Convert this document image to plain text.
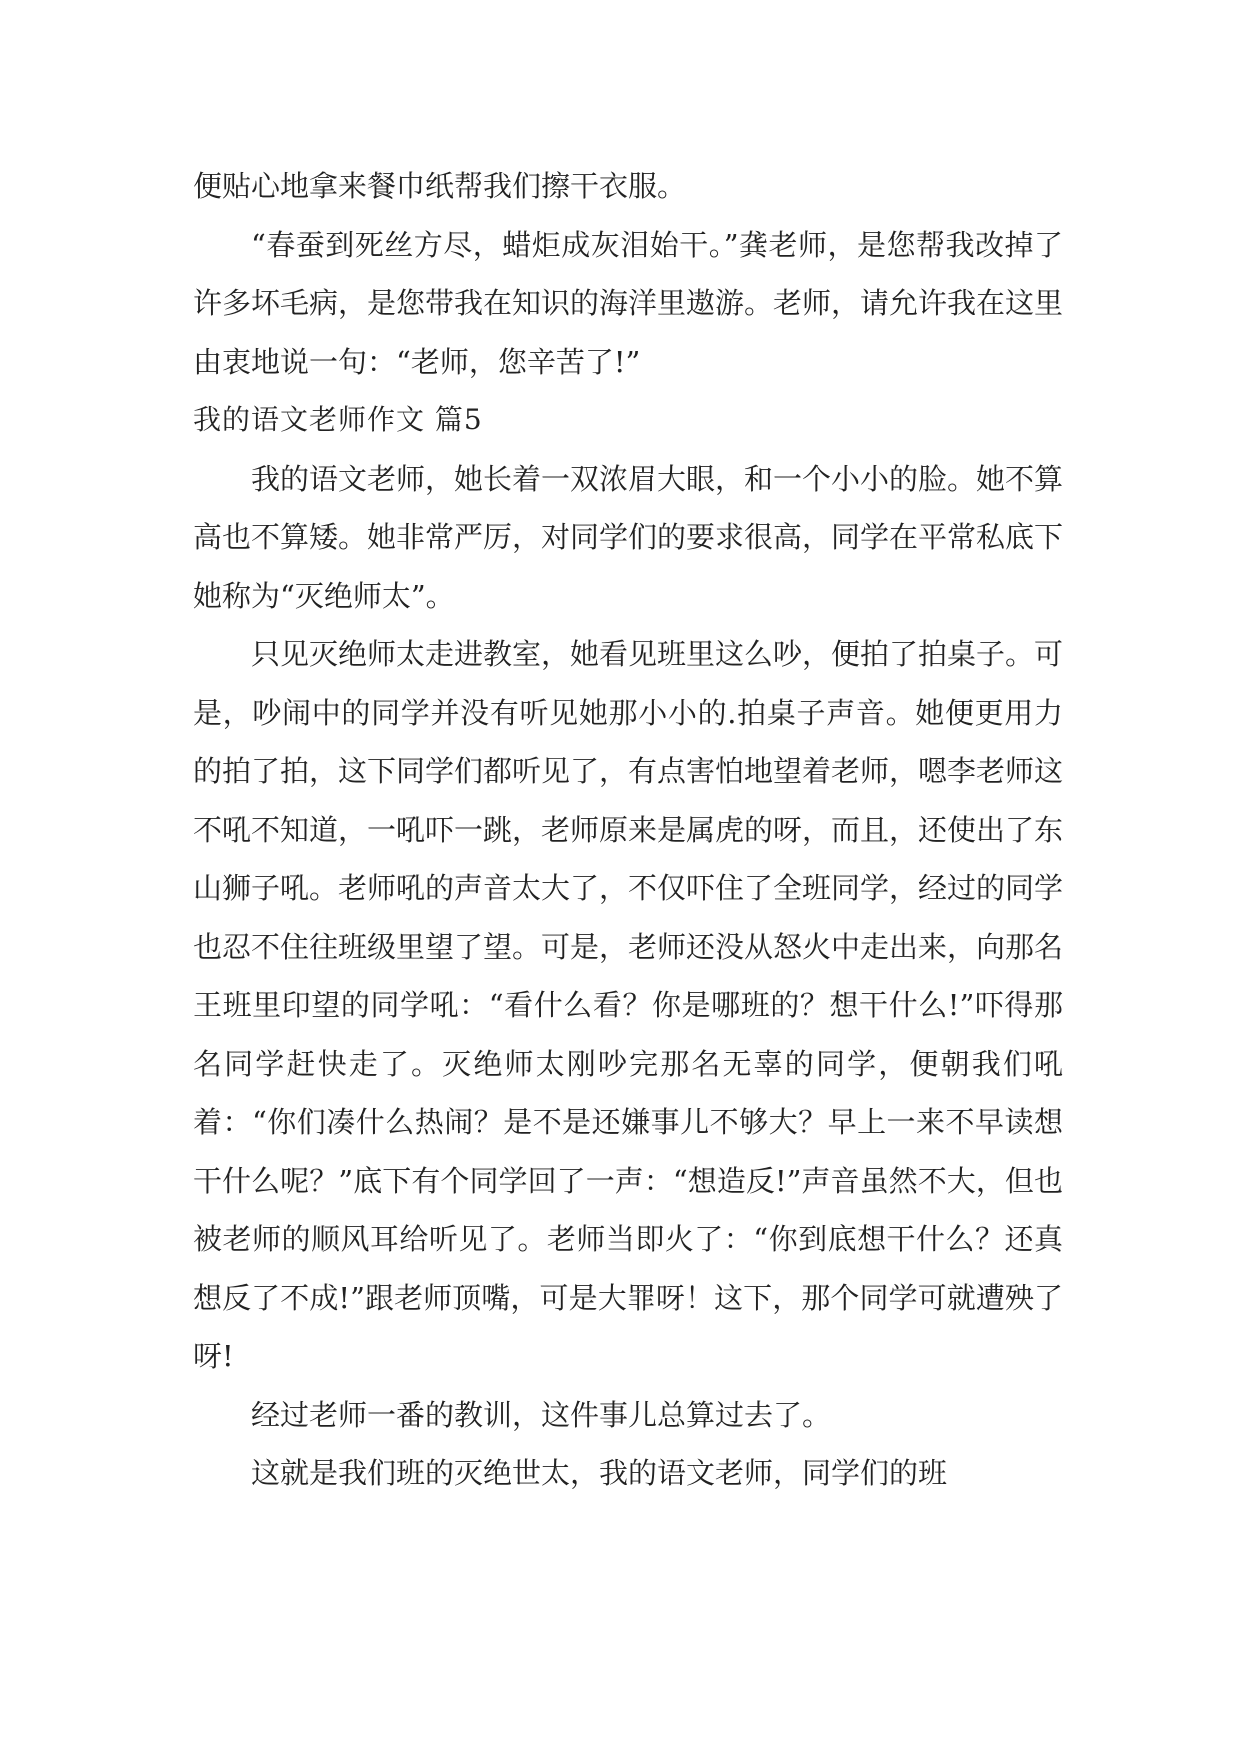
便贴心地拿来餐巾纸帮我们擦干衣服。

“春蚕到死丝方尽，蜡炬成灰泪始干。”龚老师，是您帮我改掉了许多坏毛病，是您带我在知识的海洋里遨游。老师，请允许我在这里由衷地说一句：“老师，您辛苦了!”

我的语文老师作文 篇5

我的语文老师，她长着一双浓眉大眼，和一个小小的脸。她不算高也不算矮。她非常严厉，对同学们的要求很高，同学在平常私底下她称为“灭绝师太”。

只见灭绝师太走进教室，她看见班里这么吵，便拍了拍桌子。可是，吵闹中的同学并没有听见她那小小的.拍桌子声音。她便更用力的拍了拍，这下同学们都听见了，有点害怕地望着老师，嗯李老师这不吼不知道，一吼吓一跳，老师原来是属虎的呀，而且，还使出了东山狮子吼。老师吼的声音太大了，不仅吓住了全班同学，经过的同学也忍不住往班级里望了望。可是，老师还没从怒火中走出来，向那名王班里印望的同学吼：“看什么看？你是哪班的？想干什么!”吓得那名同学赶快走了。灭绝师太刚吵完那名无辜的同学，便朝我们吼着：“你们凑什么热闹？是不是还嫌事儿不够大？早上一来不早读想干什么呢？”底下有个同学回了一声：“想造反!”声音虽然不大，但也被老师的顺风耳给听见了。老师当即火了：“你到底想干什么？还真想反了不成!”跟老师顶嘴，可是大罪呀！这下，那个同学可就遭殃了呀!

经过老师一番的教训，这件事儿总算过去了。

这就是我们班的灭绝世太，我的语文老师，同学们的班
